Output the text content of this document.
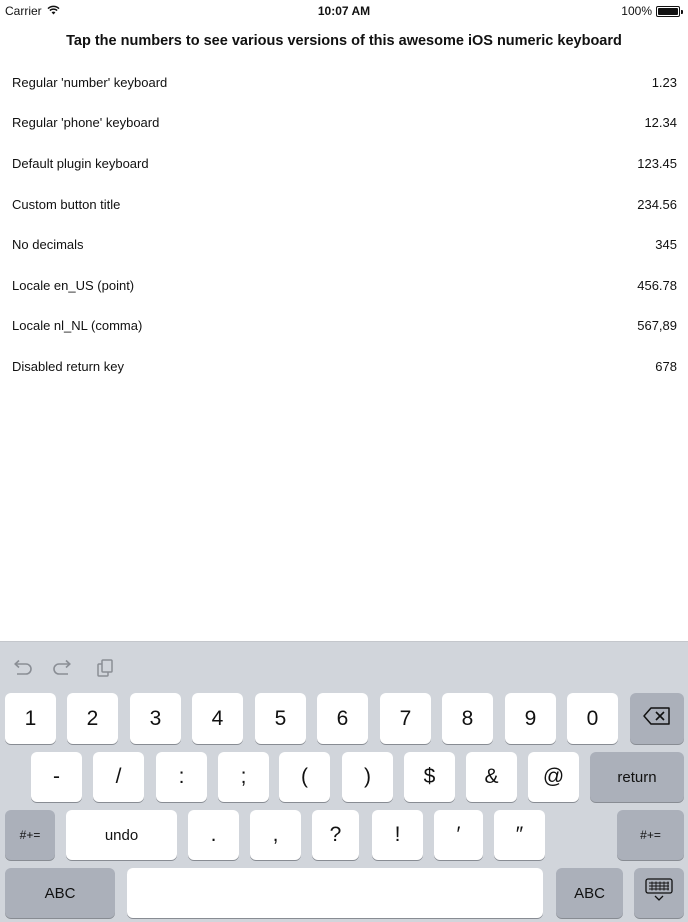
Carrier	10:07 AM	100%
Tap the numbers to see various versions of this awesome iOS numeric keyboard
Regular 'number' keyboard	1.23
Regular 'phone' keyboard	12.34
Default plugin keyboard	123.45
Custom button title	234.56
No decimals	345
Locale en_US (point)	456.78
Locale nl_NL (comma)	567,89
Disabled return key	678
1	2	3	4	5	6	7	8	9	0
-	/	:	;	(	)	$	&	@	return
#+=	undo	.	,	?	!	′	″	#+=
ABC	ABC
